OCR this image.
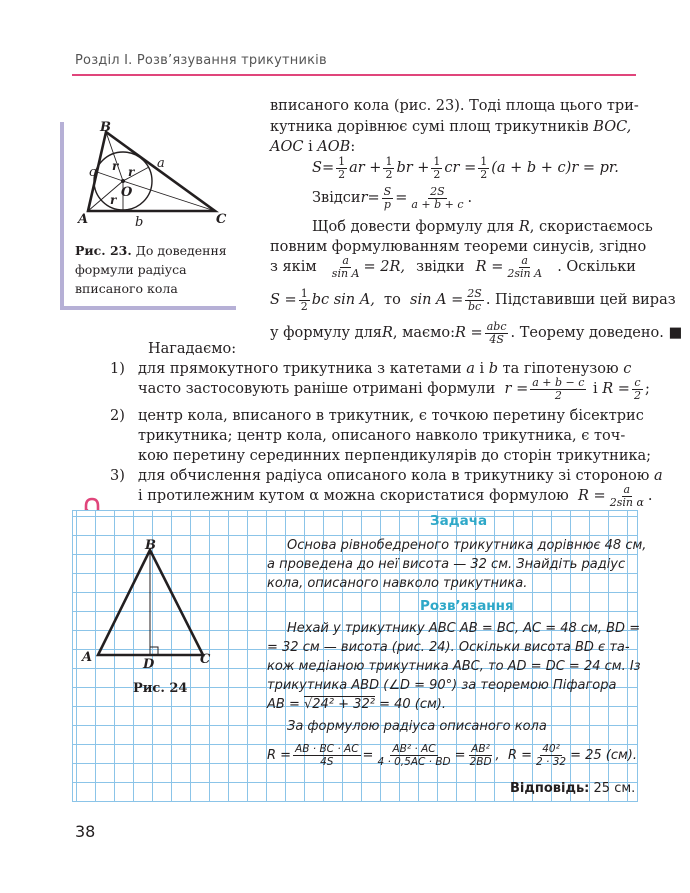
Розділ І. Розв’язування трикутників
B
A	C
O
a
b
c r r
r
Рис. 23. До доведення формули радіуса вписаного кола
вписаного кола (рис. 23). Тоді площа цього три-
кутника дорівнює сумі площ трикутників BOC,
AOC і AOB:
$S = \frac{1}{2}$ ar + $\frac{1}{2}$ br + $\frac{1}{2}$ cr = $\frac{1}{2} (a + b + c)r$ = pr.
Звідси $r = \frac{S}{p} = \frac{2S}{a + b + c}$ .
Щоб довести формулу для R, скористаємось
повним формулюванням теореми синусів, згідно
з якім $\frac{a}{\text{sin A}} = 2R$, звідки $R = \frac{a}{\text{2sin A}}$ . Оскільки
$S = \frac{1}{2}$ bc sin A,
то
$\sin A = \frac{2S}{bc}$ . Підставивши цей вираз
у формулу для R , маємо: R = abc
4S . Теорему доведено. ■
Нагадаємо:
1) для прямокутного трикутника з катетами a і b та гіпотенузою c
часто застосовують раніше отримані формули
$r = \frac{a + b - c}{2}$
і
$R = \frac{c}{2}$ ;
2) центр кола, вписаного в трикутник, є точкою перетину бісектрис
трикутника; центр кола, описаного навколо трикутника, є точ-
кою перетину серединних перпендикулярів до сторін трикутника;
3) для обчислення радіуса описаного кола в трикутнику зі стороною a
і протилежним кутом α можна скористатися формулою
$R = \frac{a}{\text{2sin α}}$ .
B
A	C
D
Рис. 24
Задача
Основа рівнобедреного трикутника дорівнює 48 см,
а проведена до неї висота — 32 см. Знайдіть радіус
кола, описаного навколо трикутника.
Розв’язання
Нехай у трикутнику ABC AB = BC, AC = 48 см, BD =
= 32 см — висота (рис. 24). Оскільки висота BD є та-
кож медіаною трикутника ABC, то AD = DC = 24 см. Із
трикутника ABD (∠D = 90°) за теоремою Піфагора
AB = √24² + 32² = 40 (см).
За формулою радіуса описаного кола
$R = \frac{AB \cdot BC \cdot AC}{4S} = \frac{\text{AB² · AC}}{4 \cdot 0,5AC \cdot BD} = \frac{\text{AB²}}{2BD}$ ,
$R = \frac{\text{40²}}{2 \cdot 32} = 25$ (см).
Відповідь: 25 см.
38
